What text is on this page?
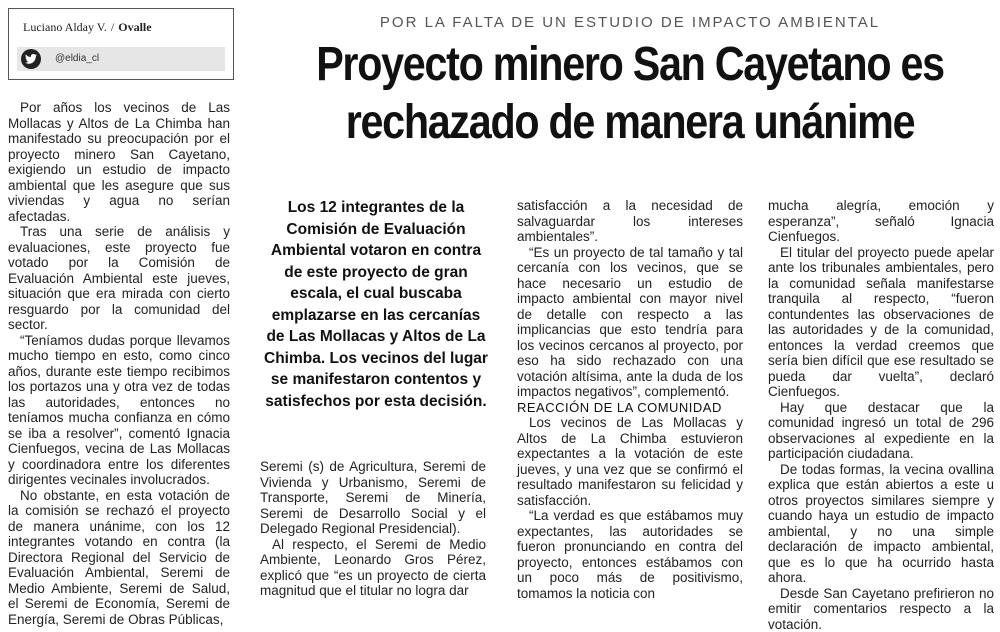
Luciano Alday V. / Ovalle
@eldia_cl
POR LA FALTA DE UN ESTUDIO DE IMPACTO AMBIENTAL
Proyecto minero San Cayetano es rechazado de manera unánime

Por años los vecinos de Las Mollacas y Altos de La Chimba han manifestado su preocupación por el proyecto minero San Cayetano, exigiendo un estudio de impacto ambiental que les asegure que sus viviendas y agua no serían afectadas.

Tras una serie de análisis y evaluaciones, este proyecto fue votado por la Comisión de Evaluación Ambiental este jueves, situación que era mirada con cierto resguardo por la comunidad del sector.

“Teníamos dudas porque llevamos mucho tiempo en esto, como cinco años, durante este tiempo recibimos los portazos una y otra vez de todas las autoridades, entonces no teníamos mucha confianza en cómo se iba a resolver”, comentó Ignacia Cienfuegos, vecina de Las Mollacas y coordinadora entre los diferentes dirigentes vecinales involucrados.

No obstante, en esta votación de la comisión se rechazó el proyecto de manera unánime, con los 12 integrantes votando en contra (la Directora Regional del Servicio de Evaluación Ambiental, Seremi de Medio Ambiente, Seremi de Salud, el Seremi de Economía, Seremi de Energía, Seremi de Obras Públicas,

Los 12 integrantes de la Comisión de Evaluación Ambiental votaron en contra de este proyecto de gran escala, el cual buscaba emplazarse en las cercanías de Las Mollacas y Altos de La Chimba. Los vecinos del lugar se manifestaron contentos y satisfechos por esta decisión.

Seremi (s) de Agricultura, Seremi de Vivienda y Urbanismo, Seremi de Transporte, Seremi de Minería, Seremi de Desarrollo Social y el Delegado Regional Presidencial).

Al respecto, el Seremi de Medio Ambiente, Leonardo Gros Pérez, explicó que “es un proyecto de cierta magnitud que el titular no logra dar

satisfacción a la necesidad de salvaguardar los intereses ambientales”.

“Es un proyecto de tal tamaño y tal cercanía con los vecinos, que se hace necesario un estudio de impacto ambiental con mayor nivel de detalle con respecto a las implicancias que esto tendría para los vecinos cercanos al proyecto, por eso ha sido rechazado con una votación altísima, ante la duda de los impactos negativos”, complementó.

REACCIÓN DE LA COMUNIDAD

Los vecinos de Las Mollacas y Altos de La Chimba estuvieron expectantes a la votación de este jueves, y una vez que se confirmó el resultado manifestaron su felicidad y satisfacción.

“La verdad es que estábamos muy expectantes, las autoridades se fueron pronunciando en contra del proyecto, entonces estábamos con un poco más de positivismo, tomamos la noticia con

mucha alegría, emoción y esperanza”, señaló Ignacia Cienfuegos.

El titular del proyecto puede apelar ante los tribunales ambientales, pero la comunidad señala manifestarse tranquila al respecto, “fueron contundentes las observaciones de las autoridades y de la comunidad, entonces la verdad creemos que sería bien difícil que ese resultado se pueda dar vuelta”, declaró Cienfuegos.

Hay que destacar que la comunidad ingresó un total de 296 observaciones al expediente en la participación ciudadana.

De todas formas, la vecina ovallina explica que están abiertos a este u otros proyectos similares siempre y cuando haya un estudio de impacto ambiental, y no una simple declaración de impacto ambiental, que es lo que ha ocurrido hasta ahora.

Desde San Cayetano prefirieron no emitir comentarios respecto a la votación.
